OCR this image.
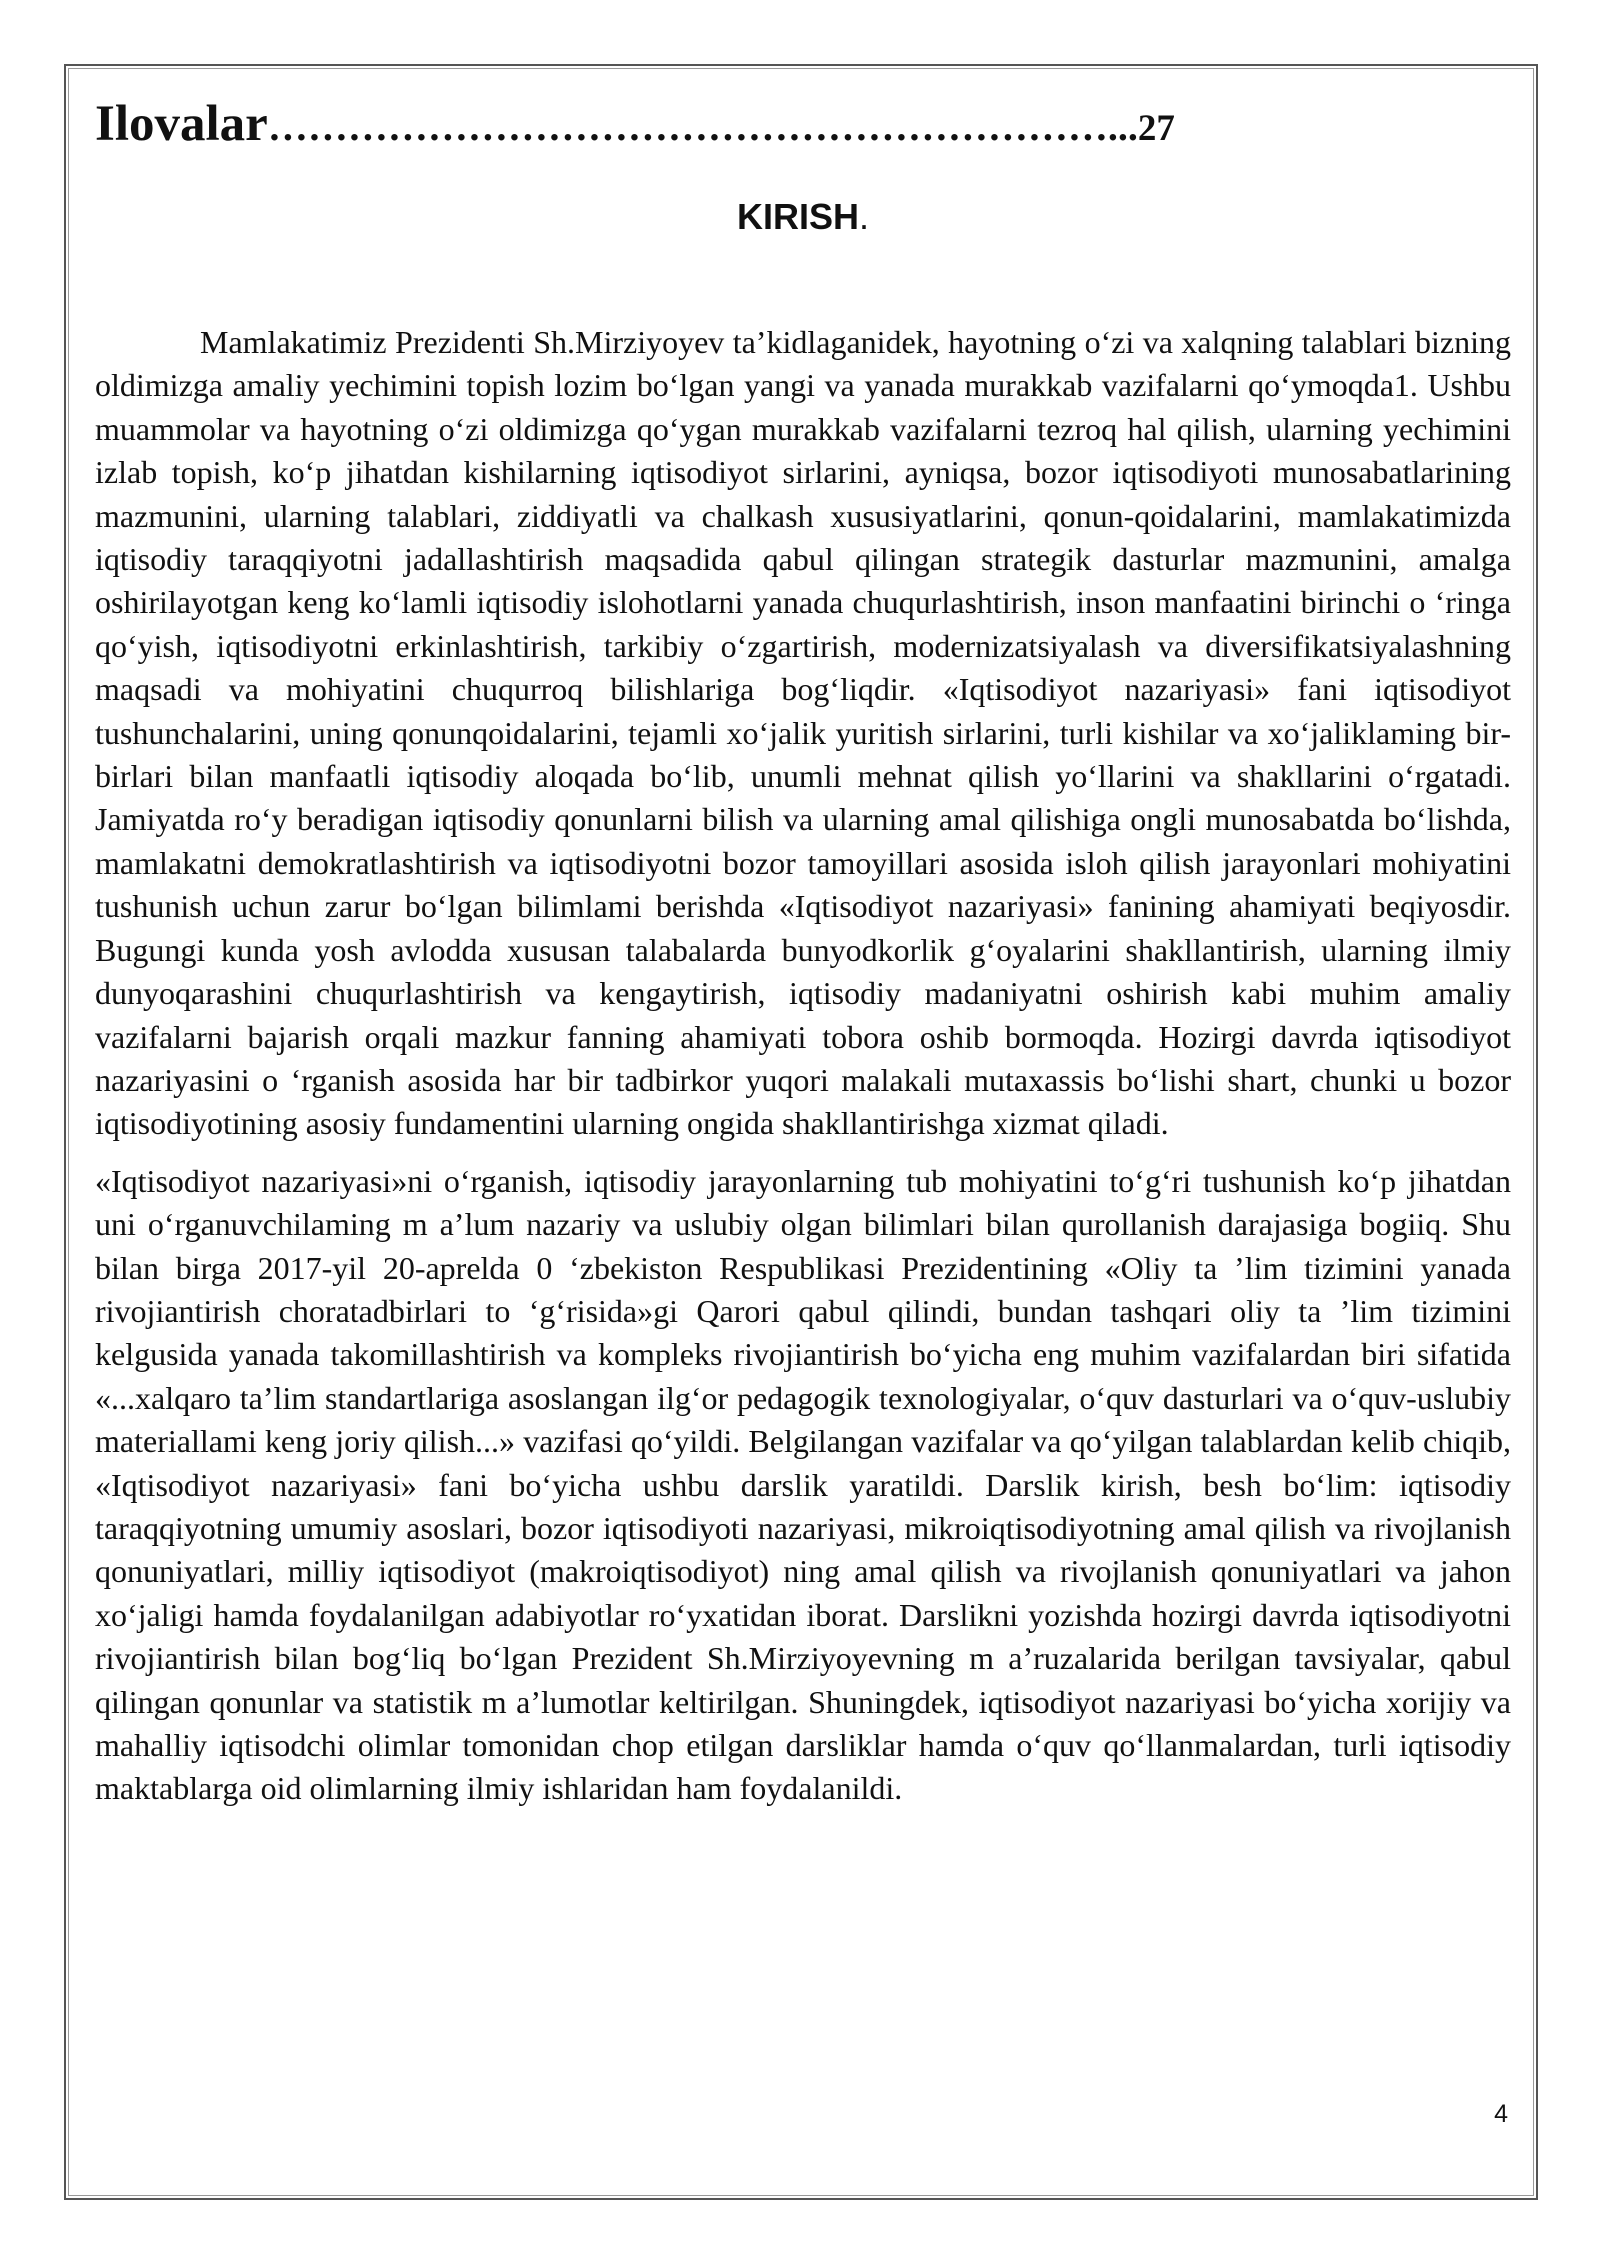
Ilovalar ………………………………………………………... 27
KIRISH.

Mamlakatimiz Prezidenti Sh.Mirziyoyev ta’kidlaganidek, hayotning o‘zi va xalqning talablari bizning oldimizga amaliy yechimini topish lozim bo‘lgan yangi va yanada murakkab vazifalarni qo‘ymoqda1. Ushbu muammolar va hayotning o‘zi oldimizga qo‘ygan murakkab vazifalarni tezroq hal qilish, ularning yechimini izlab topish, ko‘p jihatdan kishilarning iqtisodiyot sirlarini, ayniqsa, bozor iqtisodiyoti munosabatlarining mazmunini, ularning talablari, ziddiyatli va chalkash xususiyatlarini, qonun-qoidalarini, mamlakatimizda iqtisodiy taraqqiyotni jadallashtirish maqsadida qabul qilingan strategik dasturlar mazmunini, amalga oshirilayotgan keng ko‘lamli iqtisodiy islohotlarni yanada chuqurlashtirish, inson manfaatini birinchi o ‘ringa qo‘yish, iqtisodiyotni erkinlashtirish, tarkibiy o‘zgartirish, modernizatsiyalash va diversifikatsiyalashning maqsadi va mohiyatini chuqurroq bilishlariga bog‘liqdir. «Iqtisodiyot nazariyasi» fani iqtisodiyot tushunchalarini, uning qonunqoidalarini, tejamli xo‘jalik yuritish sirlarini, turli kishilar va xo‘jaliklaming bir-birlari bilan manfaatli iqtisodiy aloqada bo‘lib, unumli mehnat qilish yo‘llarini va shakllarini o‘rgatadi. Jamiyatda ro‘y beradigan iqtisodiy qonunlarni bilish va ularning amal qilishiga ongli munosabatda bo‘lishda, mamlakatni demokratlashtirish va iqtisodiyotni bozor tamoyillari asosida isloh qilish jarayonlari mohiyatini tushunish uchun zarur bo‘lgan bilimlami berishda «Iqtisodiyot nazariyasi» fanining ahamiyati beqiyosdir. Bugungi kunda yosh avlodda xususan talabalarda bunyodkorlik g‘oyalarini shakllantirish, ularning ilmiy dunyoqarashini chuqurlashtirish va kengaytirish, iqtisodiy madaniyatni oshirish kabi muhim amaliy vazifalarni bajarish orqali mazkur fanning ahamiyati tobora oshib bormoqda. Hozirgi davrda iqtisodiyot nazariyasini o ‘rganish asosida har bir tadbirkor yuqori malakali mutaxassis bo‘lishi shart, chunki u bozor iqtisodiyotining asosiy fundamentini ularning ongida shakllantirishga xizmat qiladi.

«Iqtisodiyot nazariyasi»ni o‘rganish, iqtisodiy jarayonlarning tub mohiyatini to‘g‘ri tushunish ko‘p jihatdan uni o‘rganuvchilaming m a’lum nazariy va uslubiy olgan bilimlari bilan qurollanish darajasiga bogiiq. Shu bilan birga 2017-yil 20-aprelda 0 ‘zbekiston Respublikasi Prezidentining «Oliy ta ’lim tizimini yanada rivojiantirish choratadbirlari to ‘g‘risida»gi Qarori qabul qilindi, bundan tashqari oliy ta ’lim tizimini kelgusida yanada takomillashtirish va kompleks rivojiantirish bo‘yicha eng muhim vazifalardan biri sifatida «...xalqaro ta’lim standartlariga asoslangan ilg‘or pedagogik texnologiyalar, o‘quv dasturlari va o‘quv-uslubiy materiallami keng joriy qilish...» vazifasi qo‘yildi. Belgilangan vazifalar va qo‘yilgan talablardan kelib chiqib, «Iqtisodiyot nazariyasi» fani bo‘yicha ushbu darslik yaratildi. Darslik kirish, besh bo‘lim: iqtisodiy taraqqiyotning umumiy asoslari, bozor iqtisodiyoti nazariyasi, mikroiqtisodiyotning amal qilish va rivojlanish qonuniyatlari, milliy iqtisodiyot (makroiqtisodiyot) ning amal qilish va rivojlanish qonuniyatlari va jahon xo‘jaligi hamda foydalanilgan adabiyotlar ro‘yxatidan iborat. Darslikni yozishda hozirgi davrda iqtisodiyotni rivojiantirish bilan bog‘liq bo‘lgan Prezident Sh.Mirziyoyevning m a’ruzalarida berilgan tavsiyalar, qabul qilingan qonunlar va statistik m a’lumotlar keltirilgan. Shuningdek, iqtisodiyot nazariyasi bo‘yicha xorijiy va mahalliy iqtisodchi olimlar tomonidan chop etilgan darsliklar hamda o‘quv qo‘llanmalardan, turli iqtisodiy maktablarga oid olimlarning ilmiy ishlaridan ham foydalanildi.

4
